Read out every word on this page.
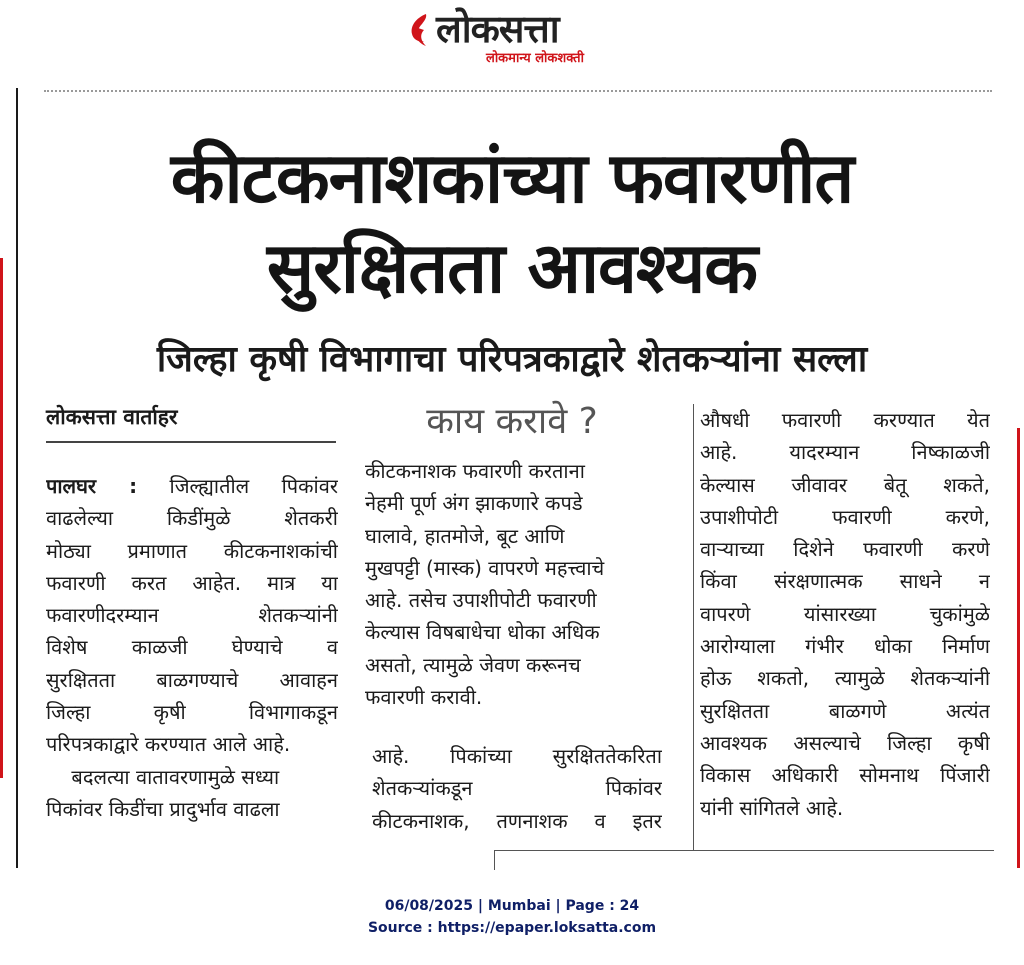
लोकसत्ता
लोकमान्य लोकशक्ती
कीटकनाशकांच्या फवारणीत
सुरक्षितता आवश्यक
जिल्हा कृषी विभागाचा परिपत्रकाद्वारे शेतकऱ्यांना सल्ला
लोकसत्ता वार्ताहर
पालघर : जिल्ह्यातील पिकांवर
वाढलेल्या किडींमुळे शेतकरी
मोठ्या प्रमाणात कीटकनाशकांची
फवारणी करत आहेत. मात्र या
फवारणीदरम्यान शेतकऱ्यांनी
विशेष काळजी घेण्याचे व
सुरक्षितता बाळगण्याचे आवाहन
जिल्हा कृषी विभागाकडून
परिपत्रकाद्वारे करण्यात आले आहे.
बदलत्या वातावरणामुळे सध्या
पिकांवर किडींचा प्रादुर्भाव वाढला
काय करावे ?
कीटकनाशक फवारणी करताना
नेहमी पूर्ण अंग झाकणारे कपडे
घालावे, हातमोजे, बूट आणि
मुखपट्टी (मास्क) वापरणे महत्त्वाचे
आहे. तसेच उपाशीपोटी फवारणी
केल्यास विषबाधेचा धोका अधिक
असतो, त्यामुळे जेवण करूनच
फवारणी करावी.
आहे. पिकांच्या सुरक्षिततेकरिता
शेतकऱ्यांकडून पिकांवर
कीटकनाशक, तणनाशक व इतर
औषधी फवारणी करण्यात येत
आहे. यादरम्यान निष्काळजी
केल्यास जीवावर बेतू शकते,
उपाशीपोटी फवारणी करणे,
वाऱ्याच्या दिशेने फवारणी करणे
किंवा संरक्षणात्मक साधने न
वापरणे यांसारख्या चुकांमुळे
आरोग्याला गंभीर धोका निर्माण
होऊ शकतो, त्यामुळे शेतकऱ्यांनी
सुरक्षितता बाळगणे अत्यंत
आवश्यक असल्याचे जिल्हा कृषी
विकास अधिकारी सोमनाथ पिंजारी
यांनी सांगितले आहे.
06/08/2025 | Mumbai | Page : 24
Source : https://epaper.loksatta.com
